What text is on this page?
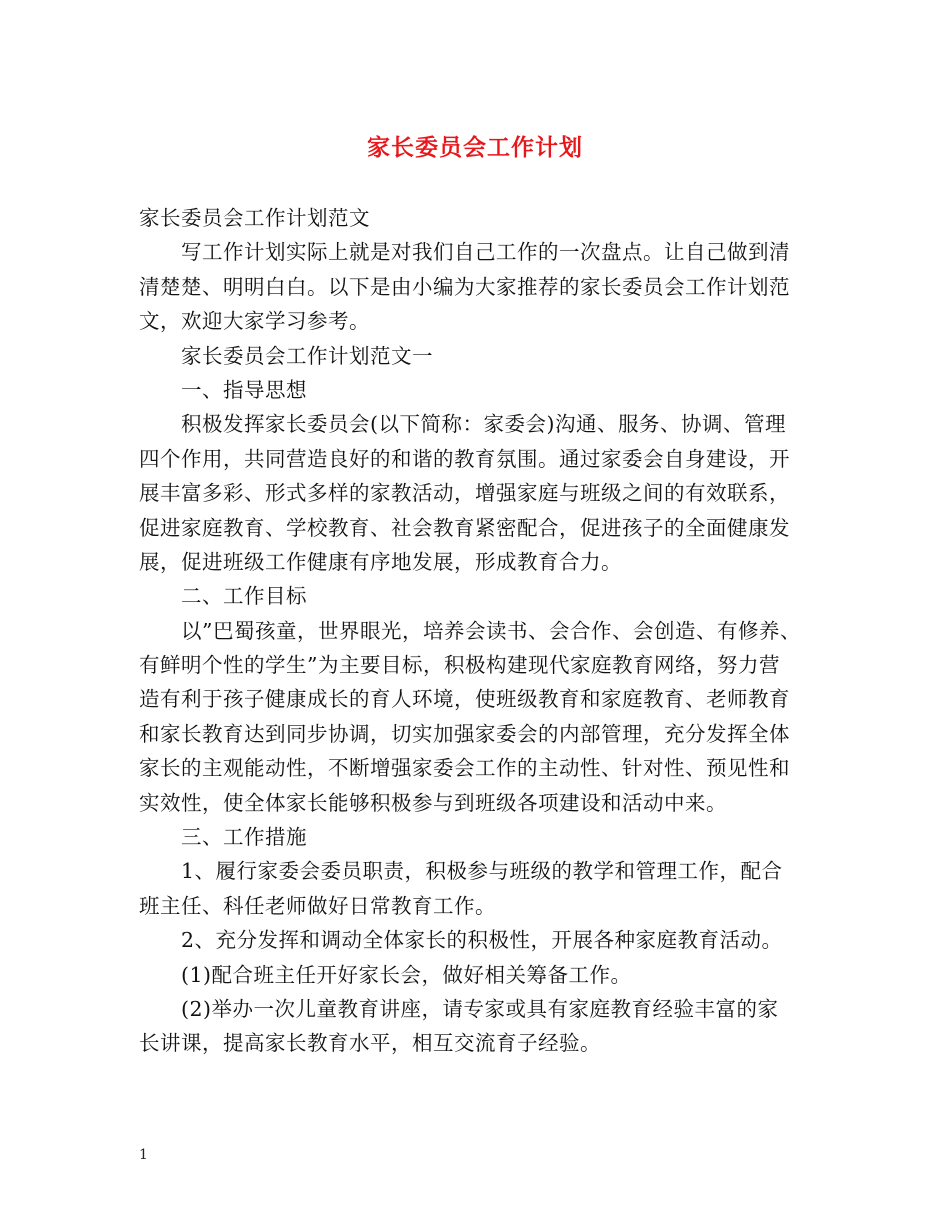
家长委员会工作计划
家长委员会工作计划范文
写工作计划实际上就是对我们自己工作的一次盘点。让自己做到清
清楚楚、明明白白。以下是由小编为大家推荐的家长委员会工作计划范
文，欢迎大家学习参考。
家长委员会工作计划范文一
一、指导思想
积极发挥家长委员会(以下简称：家委会)沟通、服务、协调、管理
四个作用，共同营造良好的和谐的教育氛围。通过家委会自身建设，开
展丰富多彩、形式多样的家教活动，增强家庭与班级之间的有效联系，
促进家庭教育、学校教育、社会教育紧密配合，促进孩子的全面健康发
展，促进班级工作健康有序地发展，形成教育合力。
二、工作目标
以”巴蜀孩童，世界眼光，培养会读书、会合作、会创造、有修养、
有鲜明个性的学生”为主要目标，积极构建现代家庭教育网络，努力营
造有利于孩子健康成长的育人环境，使班级教育和家庭教育、老师教育
和家长教育达到同步协调，切实加强家委会的内部管理，充分发挥全体
家长的主观能动性，不断增强家委会工作的主动性、针对性、预见性和
实效性，使全体家长能够积极参与到班级各项建设和活动中来。
三、工作措施
1、履行家委会委员职责，积极参与班级的教学和管理工作，配合
班主任、科任老师做好日常教育工作。
2、充分发挥和调动全体家长的积极性，开展各种家庭教育活动。
(1)配合班主任开好家长会，做好相关筹备工作。
(2)举办一次儿童教育讲座，请专家或具有家庭教育经验丰富的家
长讲课，提高家长教育水平，相互交流育子经验。
1
